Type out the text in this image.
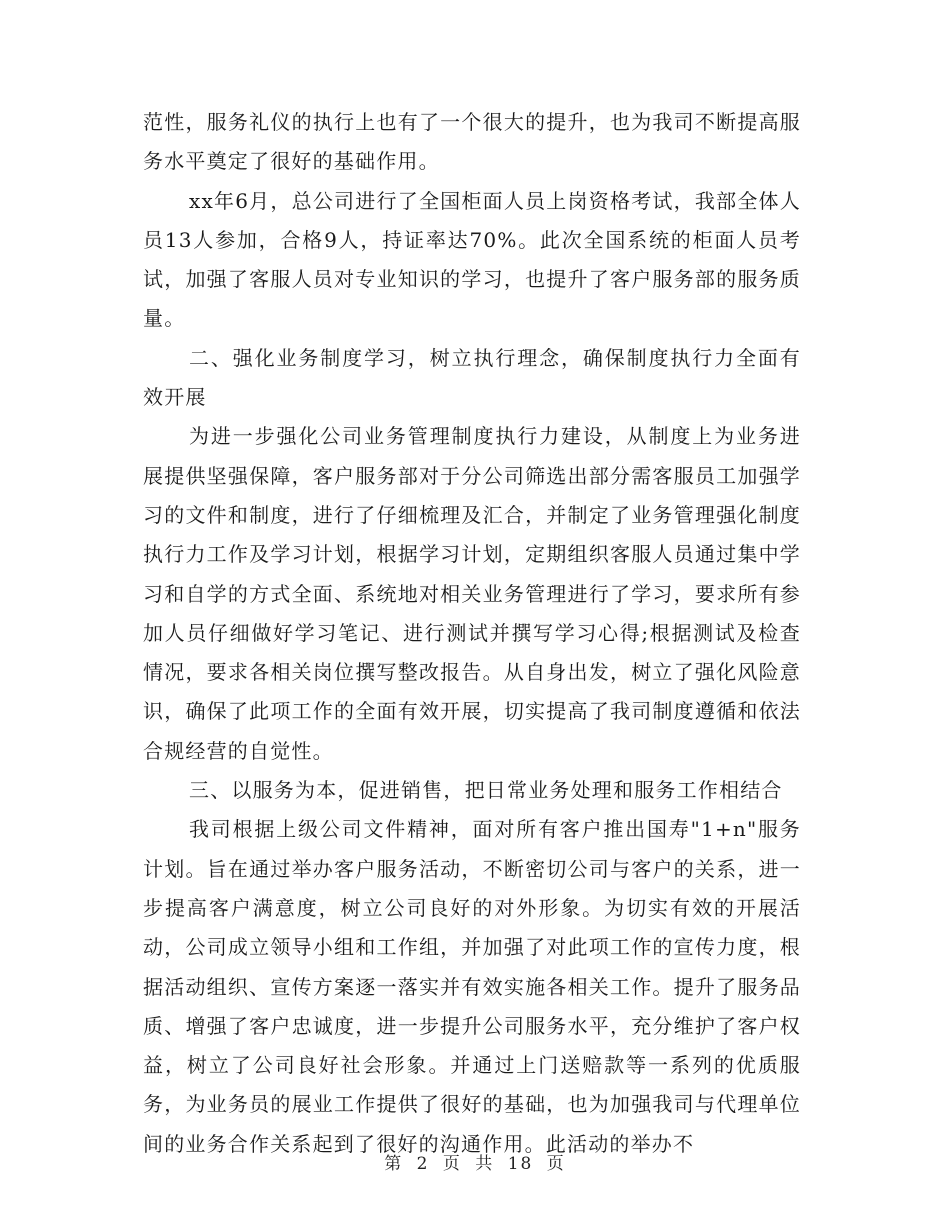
范性，服务礼仪的执行上也有了一个很大的提升，也为我司不断提高服务水平奠定了很好的基础作用。

xx年6月，总公司进行了全国柜面人员上岗资格考试，我部全体人员13人参加，合格9人，持证率达70%。此次全国系统的柜面人员考试，加强了客服人员对专业知识的学习，也提升了客户服务部的服务质量。

二、强化业务制度学习，树立执行理念，确保制度执行力全面有效开展

为进一步强化公司业务管理制度执行力建设，从制度上为业务进展提供坚强保障，客户服务部对于分公司筛选出部分需客服员工加强学习的文件和制度，进行了仔细梳理及汇合，并制定了业务管理强化制度执行力工作及学习计划，根据学习计划，定期组织客服人员通过集中学习和自学的方式全面、系统地对相关业务管理进行了学习，要求所有参加人员仔细做好学习笔记、进行测试并撰写学习心得;根据测试及检查情况，要求各相关岗位撰写整改报告。从自身出发，树立了强化风险意识，确保了此项工作的全面有效开展，切实提高了我司制度遵循和依法合规经营的自觉性。

三、以服务为本，促进销售，把日常业务处理和服务工作相结合

我司根据上级公司文件精神，面对所有客户推出国寿"1+n"服务计划。旨在通过举办客户服务活动，不断密切公司与客户的关系，进一步提高客户满意度，树立公司良好的对外形象。为切实有效的开展活动，公司成立领导小组和工作组，并加强了对此项工作的宣传力度，根据活动组织、宣传方案逐一落实并有效实施各相关工作。提升了服务品质、增强了客户忠诚度，进一步提升公司服务水平，充分维护了客户权益，树立了公司良好社会形象。并通过上门送赔款等一系列的优质服务，为业务员的展业工作提供了很好的基础，也为加强我司与代理单位间的业务合作关系起到了很好的沟通作用。此活动的举办不

第 2 页 共 18 页
